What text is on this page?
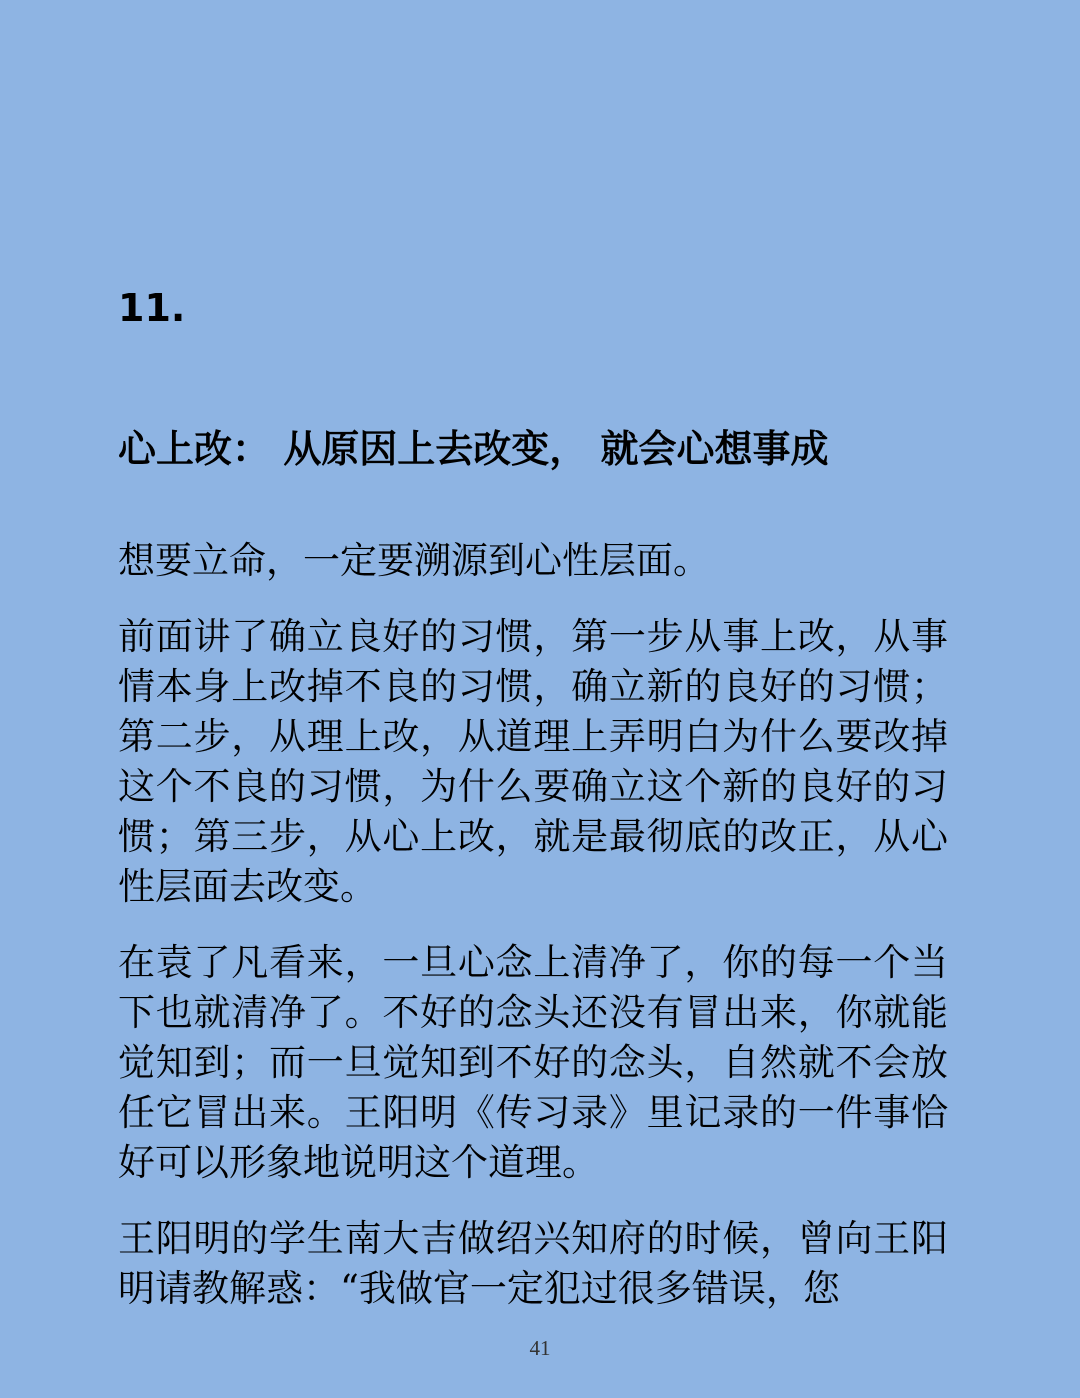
11.
心上改： 从原因上去改变， 就会心想事成

想要立命，一定要溯源到心性层面。

前面讲了确立良好的习惯，第一步从事上改，从事情本身上改掉不良的习惯，确立新的良好的习惯；第二步，从理上改，从道理上弄明白为什么要改掉这个不良的习惯，为什么要确立这个新的良好的习惯；第三步，从心上改，就是最彻底的改正，从心性层面去改变。

在袁了凡看来，一旦心念上清净了，你的每一个当下也就清净了。不好的念头还没有冒出来，你就能觉知到；而一旦觉知到不好的念头，自然就不会放任它冒出来。王阳明《传习录》里记录的一件事恰好可以形象地说明这个道理。

王阳明的学生南大吉做绍兴知府的时候，曾向王阳明请教解惑：“我做官一定犯过很多错误，您

41
